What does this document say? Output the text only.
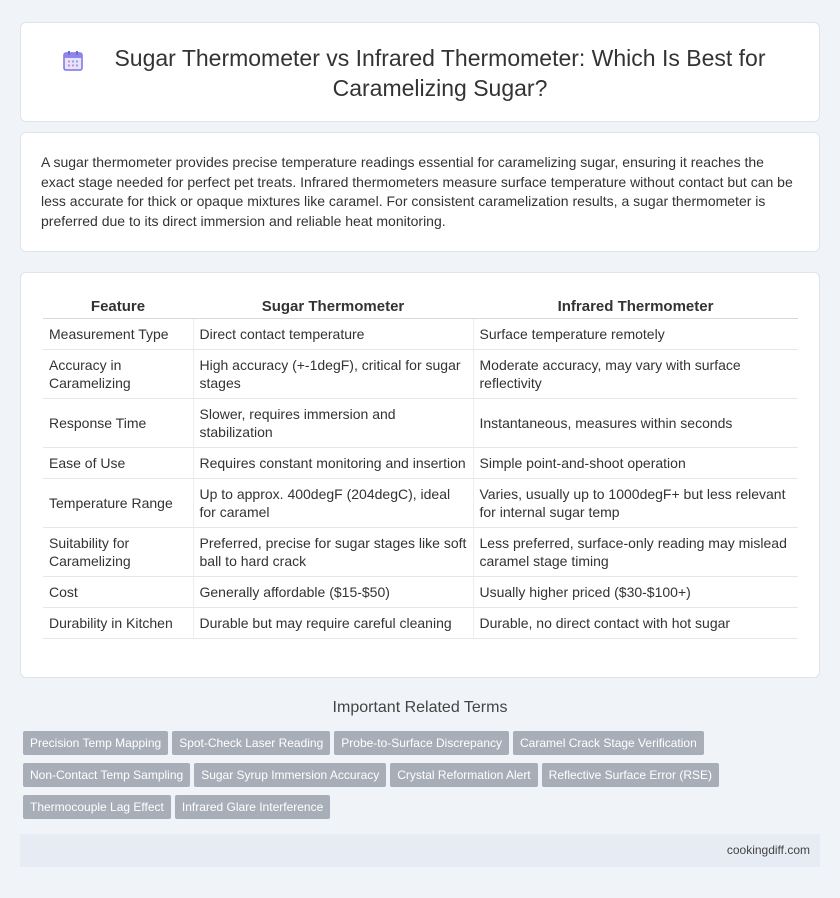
Sugar Thermometer vs Infrared Thermometer: Which Is Best for Caramelizing Sugar?

A sugar thermometer provides precise temperature readings essential for caramelizing sugar, ensuring it reaches the exact stage needed for perfect pet treats. Infrared thermometers measure surface temperature without contact but can be less accurate for thick or opaque mixtures like caramel. For consistent caramelization results, a sugar thermometer is preferred due to its direct immersion and reliable heat monitoring.

Feature	Sugar Thermometer	Infrared Thermometer
Measurement Type	Direct contact temperature	Surface temperature remotely
Accuracy in Caramelizing	High accuracy (+-1degF), critical for sugar stages	Moderate accuracy, may vary with surface reflectivity
Response Time	Slower, requires immersion and stabilization	Instantaneous, measures within seconds
Ease of Use	Requires constant monitoring and insertion	Simple point-and-shoot operation
Temperature Range	Up to approx. 400degF (204degC), ideal for caramel	Varies, usually up to 1000degF+ but less relevant for internal sugar temp
Suitability for Caramelizing	Preferred, precise for sugar stages like soft ball to hard crack	Less preferred, surface-only reading may mislead caramel stage timing
Cost	Generally affordable ($15-$50)	Usually higher priced ($30-$100+)
Durability in Kitchen	Durable but may require careful cleaning	Durable, no direct contact with hot sugar
Important Related Terms
Precision Temp Mapping Spot-Check Laser Reading Probe-to-Surface Discrepancy Caramel Crack Stage Verification
Non-Contact Temp Sampling Sugar Syrup Immersion Accuracy Crystal Reformation Alert Reflective Surface Error (RSE)
Thermocouple Lag Effect Infrared Glare Interference
cookingdiff.com
